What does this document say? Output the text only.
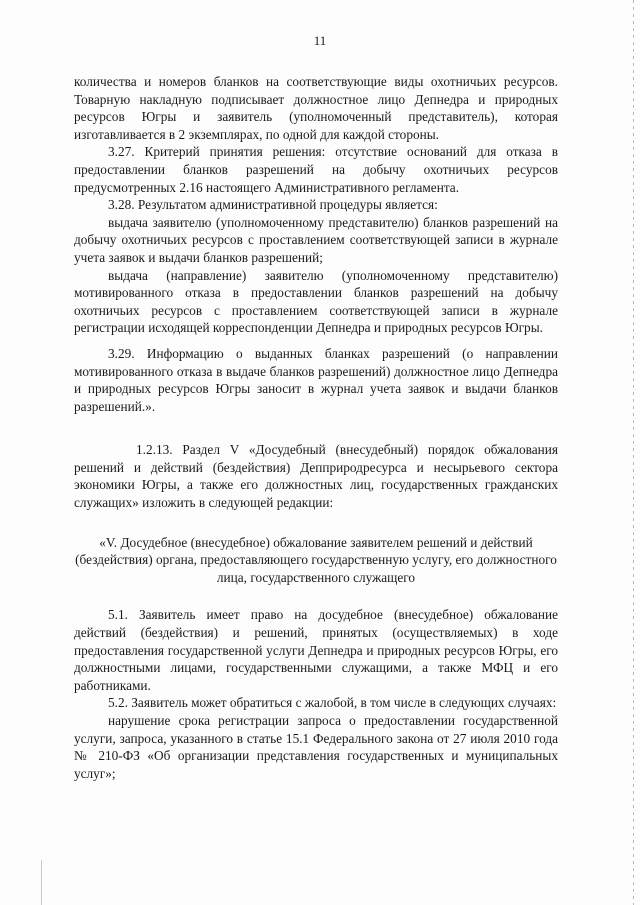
11

количества и номеров бланков на соответствующие виды охотничьих ресурсов. Товарную накладную подписывает должностное лицо Депнедра и природных ресурсов Югры и заявитель (уполномоченный представитель), которая изготавливается в 2 экземплярах, по одной для каждой стороны.

3.27. Критерий принятия решения: отсутствие оснований для отказа в предоставлении бланков разрешений на добычу охотничьих ресурсов предусмотренных 2.16 настоящего Административного регламента.

3.28. Результатом административной процедуры является:

выдача заявителю (уполномоченному представителю) бланков разрешений на добычу охотничьих ресурсов с проставлением соответствующей записи в журнале учета заявок и выдачи бланков разрешений;

выдача (направление) заявителю (уполномоченному представителю) мотивированного отказа в предоставлении бланков разрешений на добычу охотничьих ресурсов с проставлением соответствующей записи в журнале регистрации исходящей корреспонденции Депнедра и природных ресурсов Югры.

3.29. Информацию о выданных бланках разрешений (о направлении мотивированного отказа в выдаче бланков разрешений) должностное лицо Депнедра и природных ресурсов Югры заносит в журнал учета заявок и выдачи бланков разрешений.».

1.2.13. Раздел V «Досудебный (внесудебный) порядок обжалования решений и действий (бездействия) Депприродресурса и несырьевого сектора экономики Югры, а также его должностных лиц, государственных гражданских служащих» изложить в следующей редакции:

«V. Досудебное (внесудебное) обжалование заявителем решений и действий (бездействия) органа, предоставляющего государственную услугу, его должностного лица, государственного служащего

5.1. Заявитель имеет право на досудебное (внесудебное) обжалование действий (бездействия) и решений, принятых (осуществляемых) в ходе предоставления государственной услуги Депнедра и природных ресурсов Югры, его должностными лицами, государственными служащими, а также МФЦ и его работниками.

5.2. Заявитель может обратиться с жалобой, в том числе в следующих случаях:

нарушение срока регистрации запроса о предоставлении государственной услуги, запроса, указанного в статье 15.1 Федерального закона от 27 июля 2010 года № 210-ФЗ «Об организации представления государственных и муниципальных услуг»;
